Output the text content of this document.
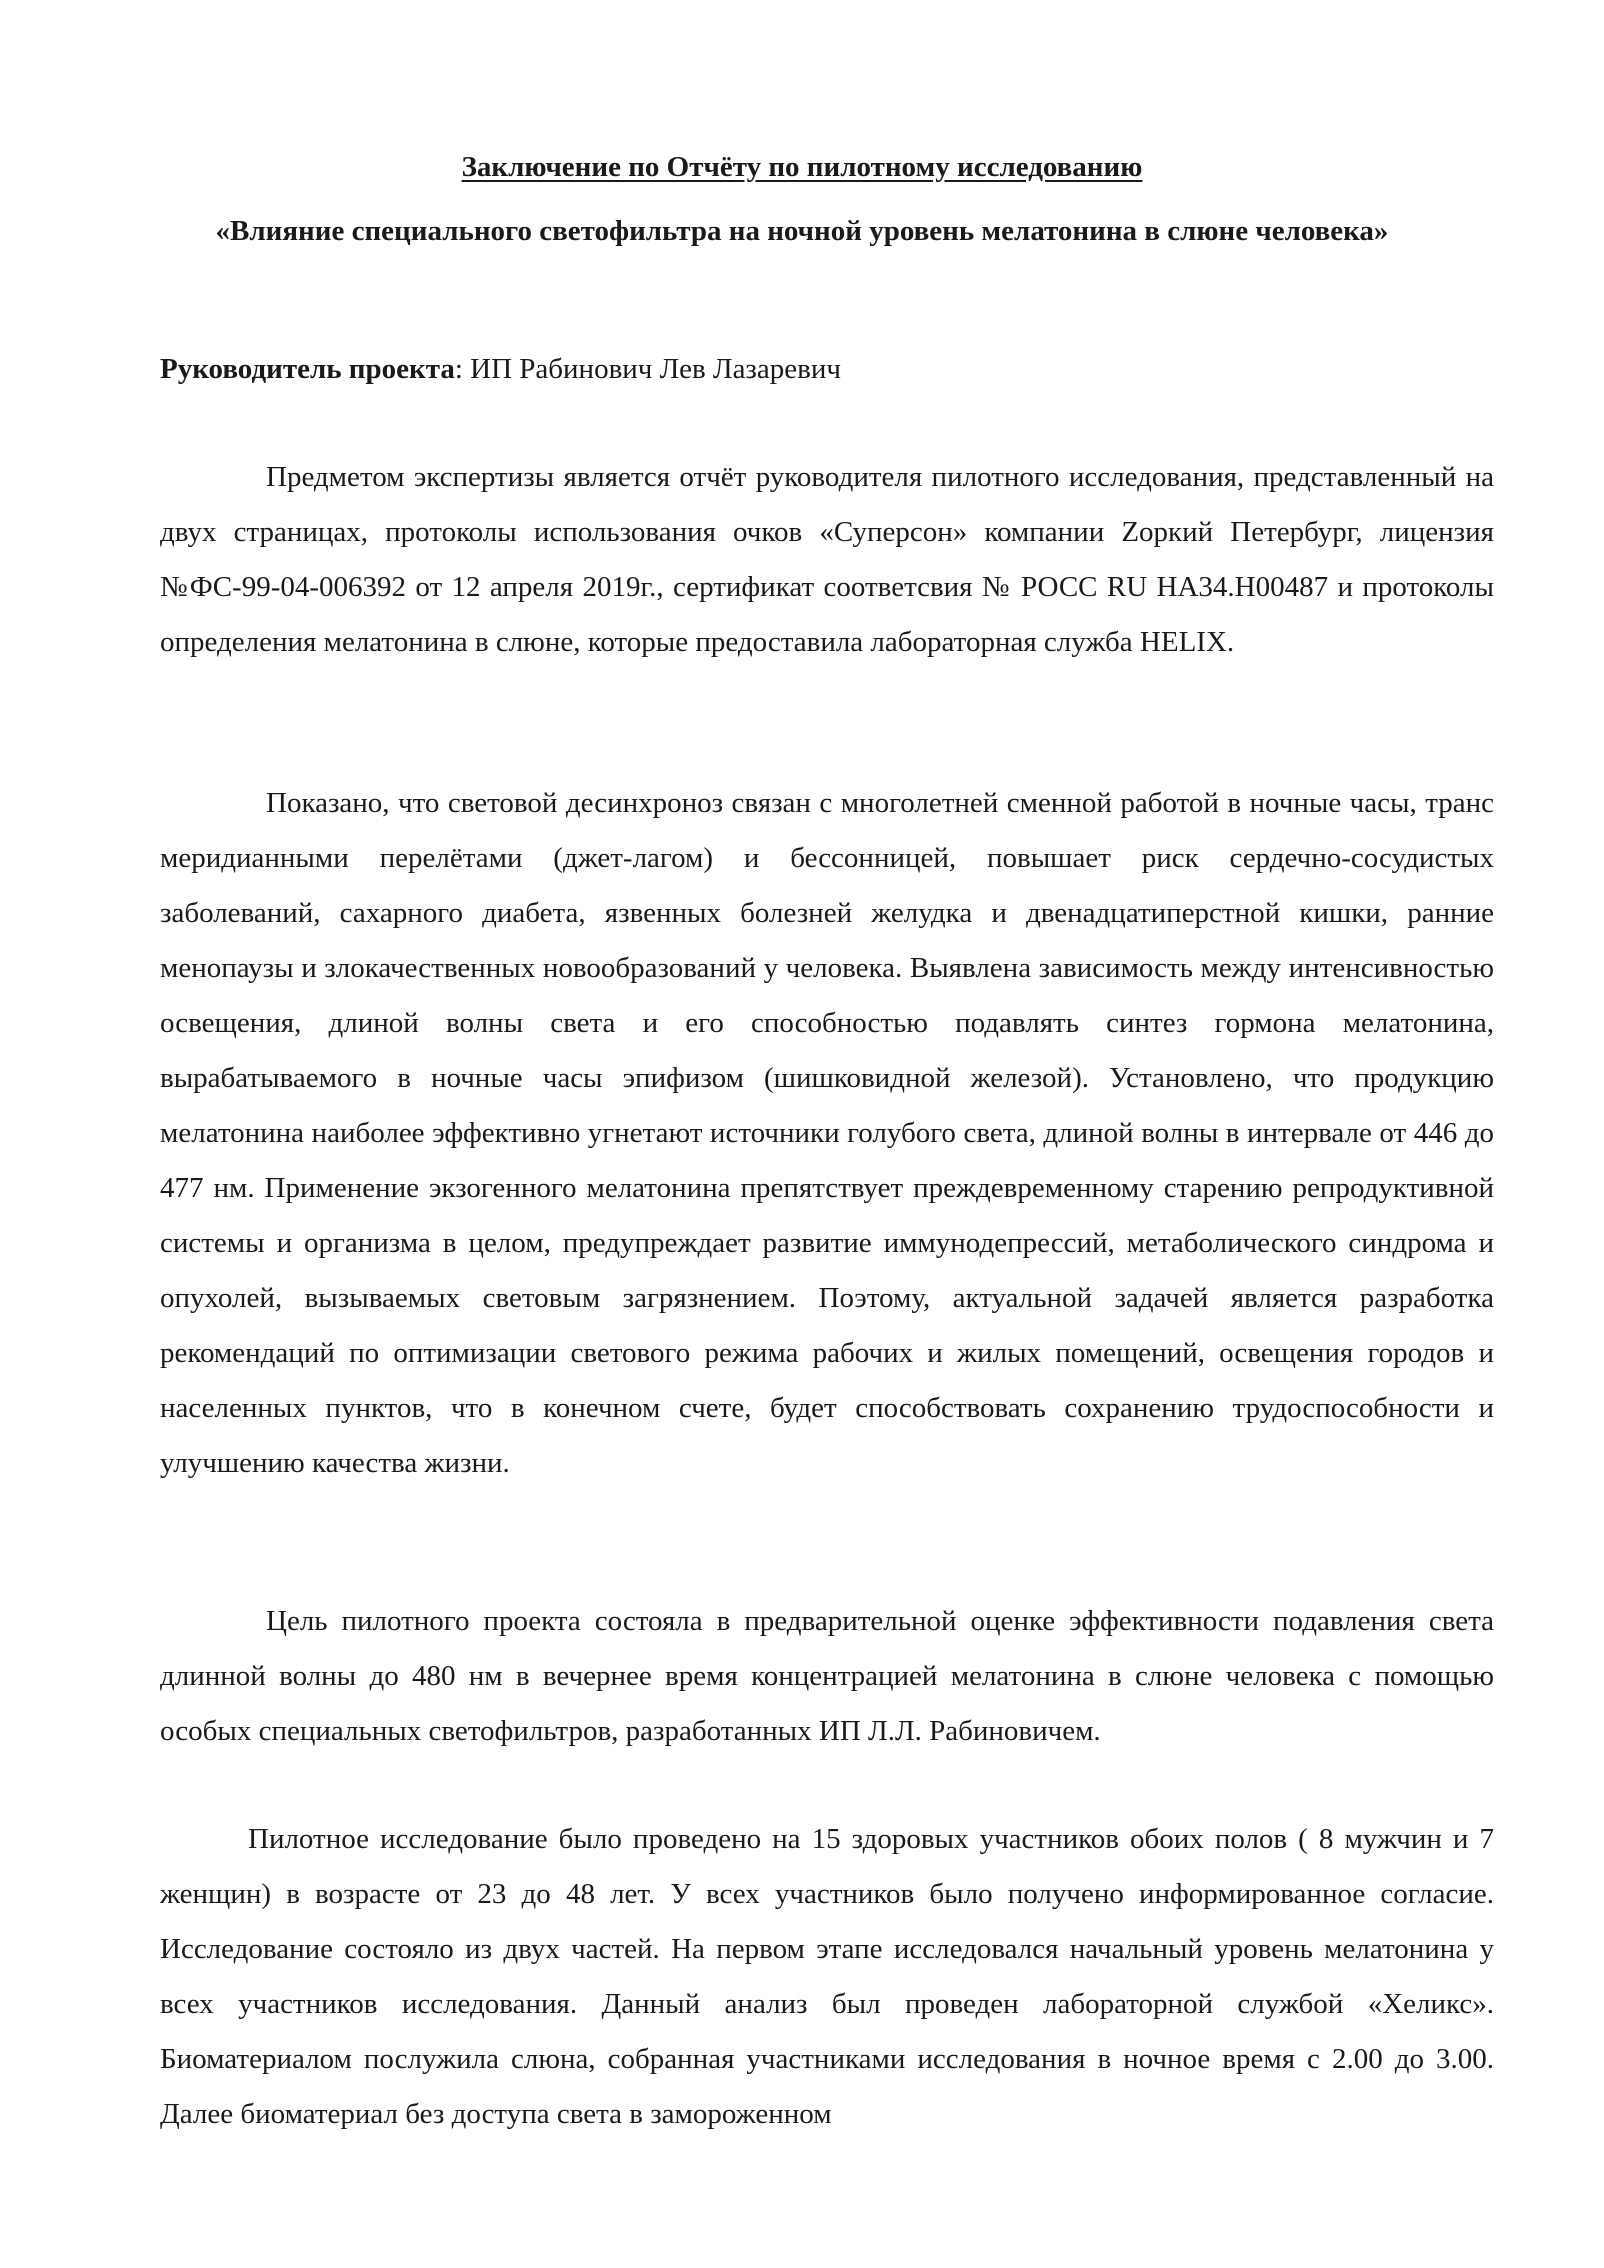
Заключение по Отчёту по пилотному исследованию
«Влияние специального светофильтра на ночной уровень мелатонина в слюне человека»

Руководитель проекта: ИП Рабинович Лев Лазаревич

Предметом экспертизы является отчёт руководителя пилотного исследования, представленный на двух страницах, протоколы использования очков «Суперсон» компании Zоркий Петербург, лицензия №ФС-99-04-006392 от 12 апреля 2019г., сертификат соответсвия № РОСС RU НА34.Н00487 и протоколы определения мелатонина в слюне, которые предоставила лабораторная служба HELIX.

Показано, что световой десинхроноз связан с многолетней сменной работой в ночные часы, транс меридианными перелётами (джет-лагом) и бессонницей, повышает риск сердечно-сосудистых заболеваний, сахарного диабета, язвенных болезней желудка и двенадцатиперстной кишки, ранние менопаузы и злокачественных новообразований у человека. Выявлена зависимость между интенсивностью освещения, длиной волны света и его способностью подавлять синтез гормона мелатонина, вырабатываемого в ночные часы эпифизом (шишковидной железой). Установлено, что продукцию мелатонина наиболее эффективно угнетают источники голубого света, длиной волны в интервале от 446 до 477 нм. Применение экзогенного мелатонина препятствует преждевременному старению репродуктивной системы и организма в целом, предупреждает развитие иммунодепрессий, метаболического синдрома и опухолей, вызываемых световым загрязнением. Поэтому, актуальной задачей является разработка рекомендаций по оптимизации светового режима рабочих и жилых помещений, освещения городов и населенных пунктов, что в конечном счете, будет способствовать сохранению трудоспособности и улучшению качества жизни.

Цель пилотного проекта состояла в предварительной оценке эффективности подавления света длинной волны до 480 нм в вечернее время концентрацией мелатонина в слюне человека с помощью особых специальных светофильтров, разработанных ИП Л.Л. Рабиновичем.

Пилотное исследование было проведено на 15 здоровых участников обоих полов ( 8 мужчин и 7 женщин) в возрасте от 23 до 48 лет. У всех участников было получено информированное согласие. Исследование состояло из двух частей. На первом этапе исследовался начальный уровень мелатонина у всех участников исследования. Данный анализ был проведен лабораторной службой «Хеликс». Биоматериалом послужила слюна, собранная участниками исследования в ночное время с 2.00 до 3.00. Далее биоматериал без доступа света в замороженном
